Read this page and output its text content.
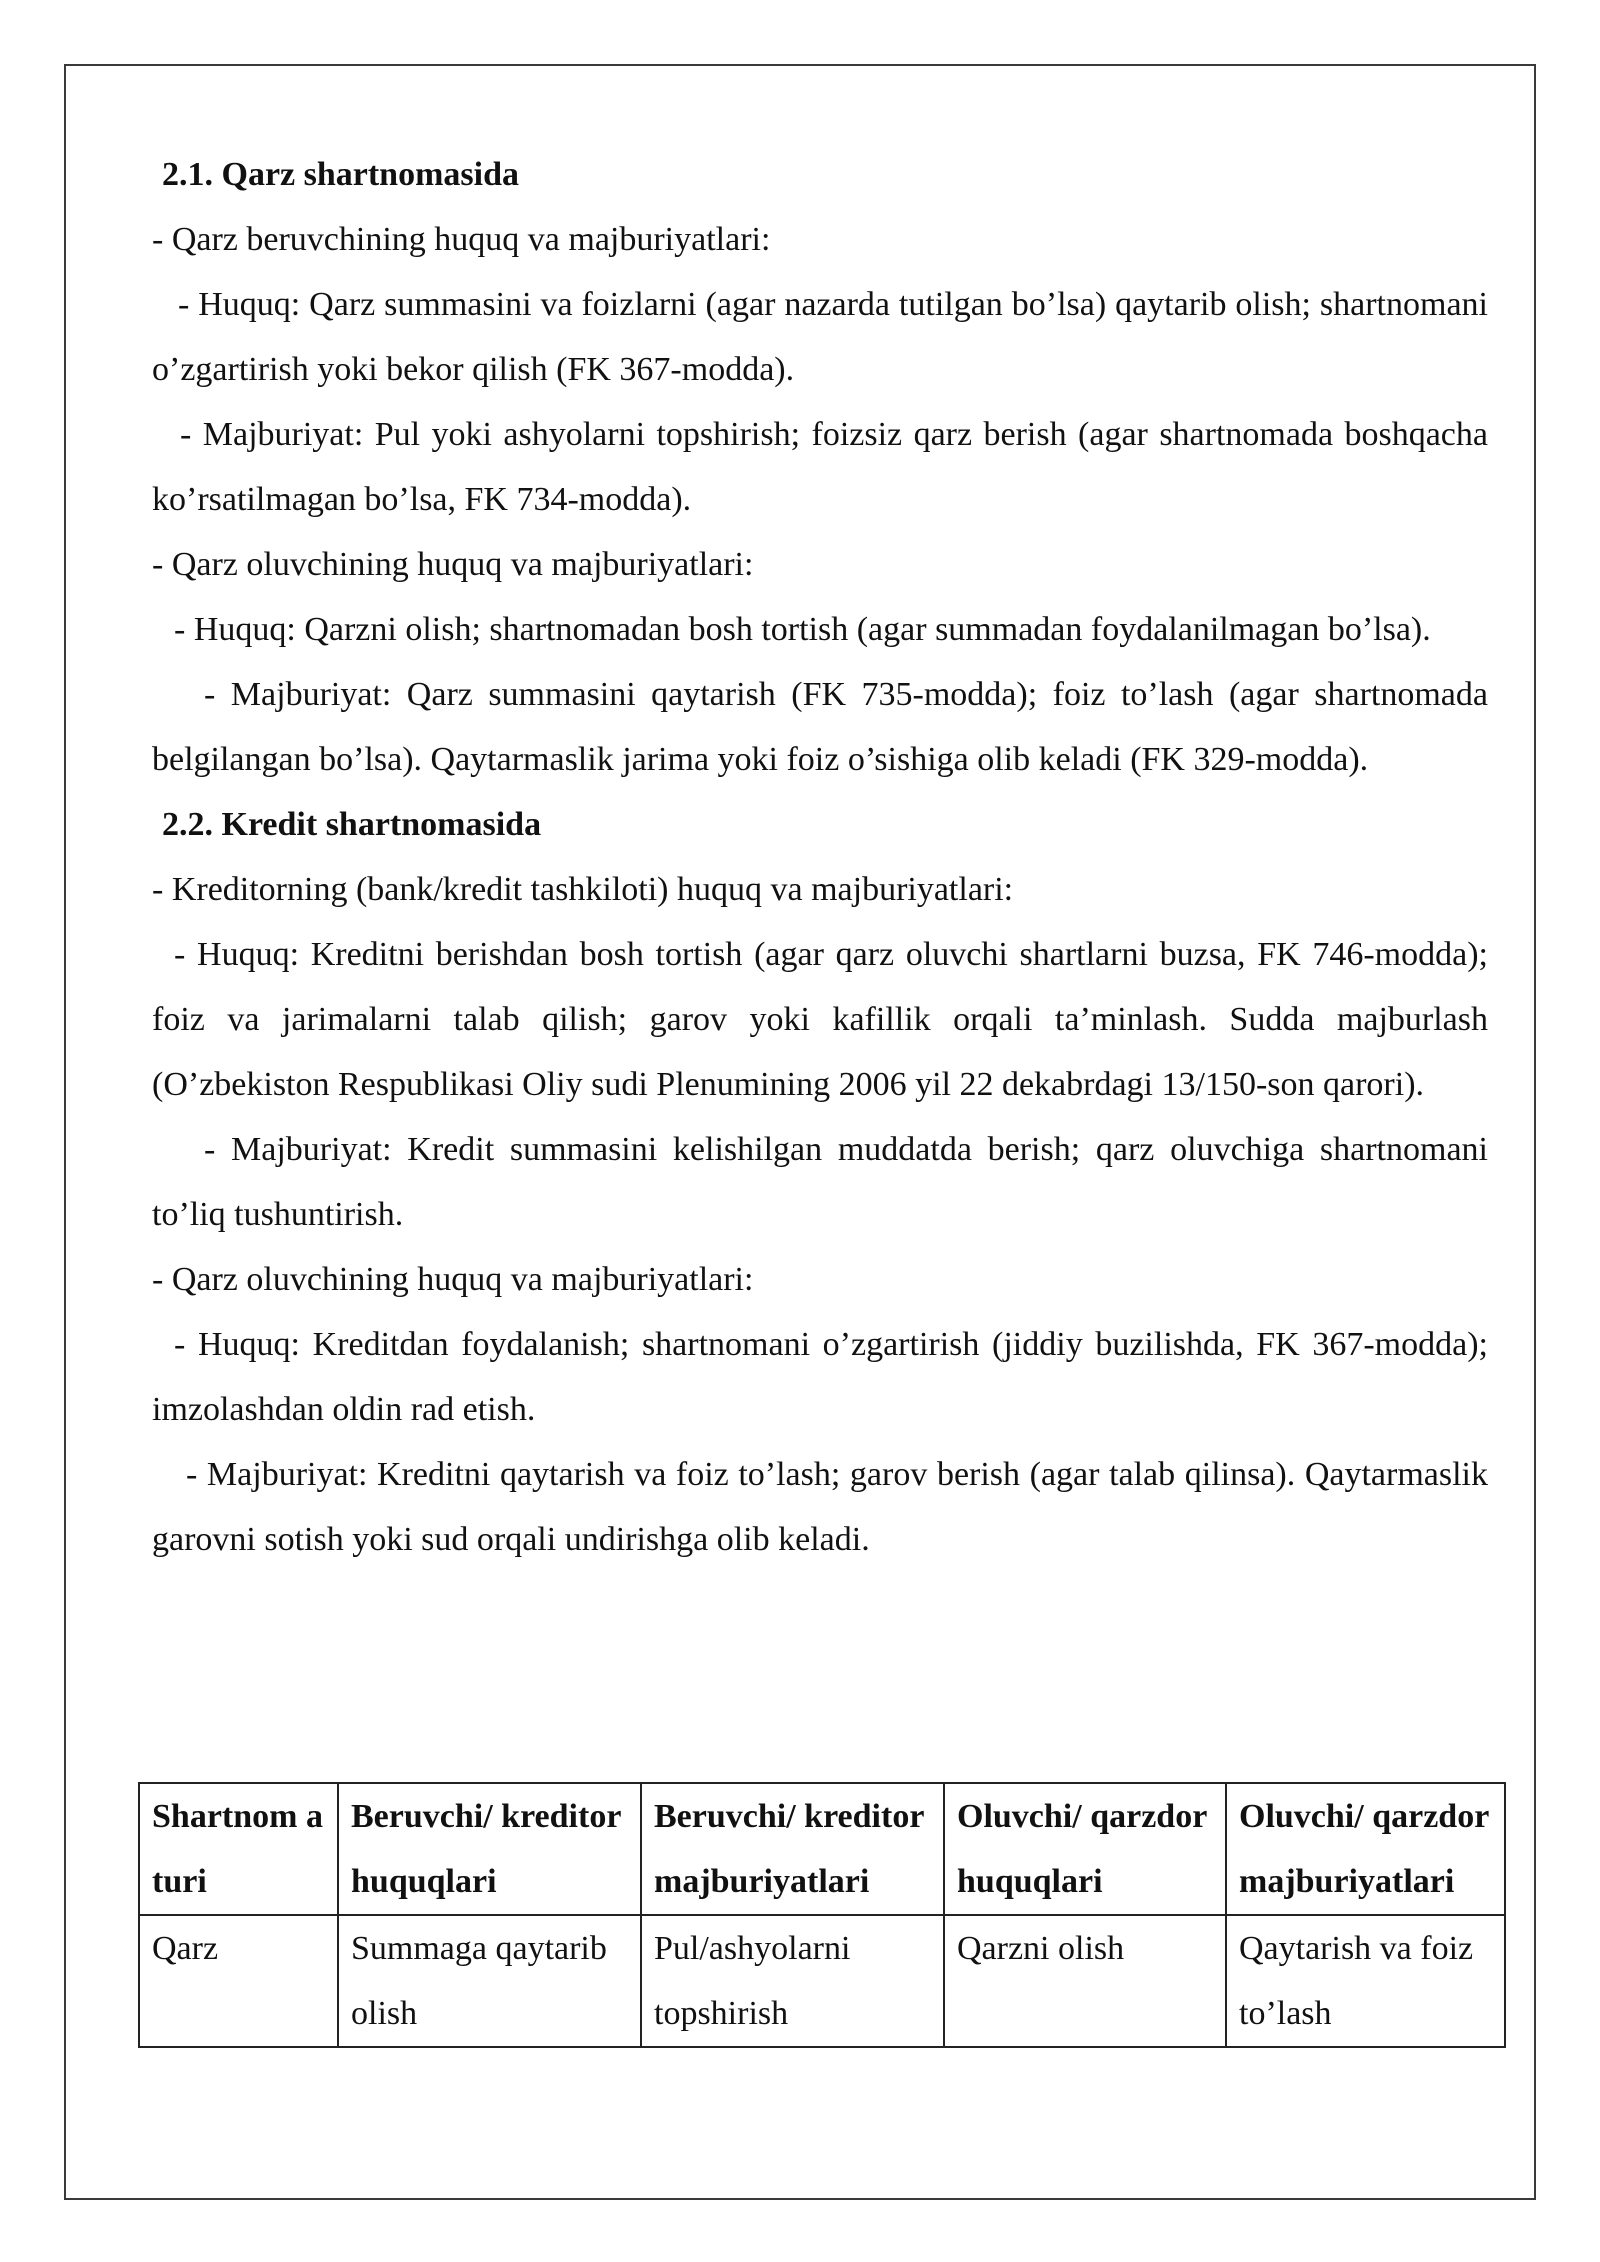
2.1. Qarz shartnomasida

- Qarz beruvchining huquq va majburiyatlari:

- Huquq: Qarz summasini va foizlarni (agar nazarda tutilgan bo’lsa) qaytarib olish; shartnomani o’zgartirish yoki bekor qilish (FK 367-modda).

- Majburiyat: Pul yoki ashyolarni topshirish; foizsiz qarz berish (agar shartnomada boshqacha ko’rsatilmagan bo’lsa, FK 734-modda).

- Qarz oluvchining huquq va majburiyatlari:

- Huquq: Qarzni olish; shartnomadan bosh tortish (agar summadan foydalanilmagan bo’lsa).

- Majburiyat: Qarz summasini qaytarish (FK 735-modda); foiz to’lash (agar shartnomada belgilangan bo’lsa). Qaytarmaslik jarima yoki foiz o’sishiga olib keladi (FK 329-modda).

2.2. Kredit shartnomasida

- Kreditorning (bank/kredit tashkiloti) huquq va majburiyatlari:

- Huquq: Kreditni berishdan bosh tortish (agar qarz oluvchi shartlarni buzsa, FK 746-modda); foiz va jarimalarni talab qilish; garov yoki kafillik orqali ta’minlash. Sudda majburlash (O’zbekiston Respublikasi Oliy sudi Plenumining 2006 yil 22 dekabrdagi 13/150-son qarori).

- Majburiyat: Kredit summasini kelishilgan muddatda berish; qarz oluvchiga shartnomani to’liq tushuntirish.

- Qarz oluvchining huquq va majburiyatlari:

- Huquq: Kreditdan foydalanish; shartnomani o’zgartirish (jiddiy buzilishda, FK 367-modda); imzolashdan oldin rad etish.

- Majburiyat: Kreditni qaytarish va foiz to’lash; garov berish (agar talab qilinsa). Qaytarmaslik garovni sotish yoki sud orqali undirishga olib keladi.

Shartnom a turi	Beruvchi/ kreditor huquqlari	Beruvchi/ kreditor majburiyatlari	Oluvchi/ qarzdor huquqlari	Oluvchi/ qarzdor majburiyatlari
Qarz	Summaga qaytarib olish	Pul/ashyolarni topshirish	Qarzni olish	Qaytarish va foiz to’lash
